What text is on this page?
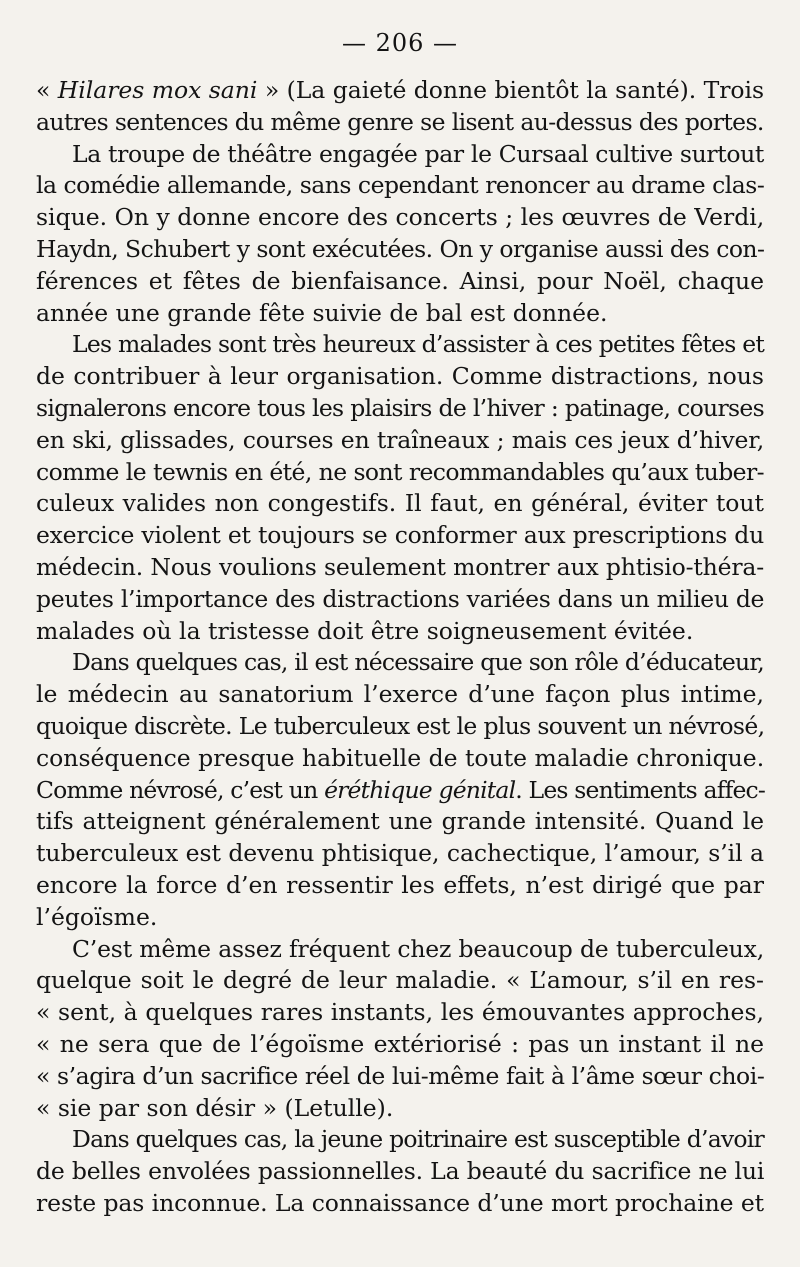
— 206 —
« Hilares mox sani » (La gaieté donne bientôt la santé). Trois
autres sentences du même genre se lisent au-dessus des portes.
La troupe de théâtre engagée par le Cursaal cultive surtout
la comédie allemande, sans cependant renoncer au drame clas-
sique. On y donne encore des concerts ; les œuvres de Verdi,
Haydn, Schubert y sont exécutées. On y organise aussi des con-
férences et fêtes de bienfaisance. Ainsi, pour Noël, chaque
année une grande fête suivie de bal est donnée.
Les malades sont très heureux d’assister à ces petites fêtes et
de contribuer à leur organisation. Comme distractions, nous
signalerons encore tous les plaisirs de l’hiver : patinage, courses
en ski, glissades, courses en traîneaux ; mais ces jeux d’hiver,
comme le tewnis en été, ne sont recommandables qu’aux tuber-
culeux valides non congestifs. Il faut, en général, éviter tout
exercice violent et toujours se conformer aux prescriptions du
médecin. Nous voulions seulement montrer aux phtisio-théra-
peutes l’importance des distractions variées dans un milieu de
malades où la tristesse doit être soigneusement évitée.
Dans quelques cas, il est nécessaire que son rôle d’éducateur,
le médecin au sanatorium l’exerce d’une façon plus intime,
quoique discrète. Le tuberculeux est le plus souvent un névrosé,
conséquence presque habituelle de toute maladie chronique.
Comme névrosé, c’est un éréthique génital. Les sentiments affec-
tifs atteignent généralement une grande intensité. Quand le
tuberculeux est devenu phtisique, cachectique, l’amour, s’il a
encore la force d’en ressentir les effets, n’est dirigé que par
l’égoïsme.
C’est même assez fréquent chez beaucoup de tuberculeux,
quelque soit le degré de leur maladie. « L’amour, s’il en res-
« sent, à quelques rares instants, les émouvantes approches,
« ne sera que de l’égoïsme extériorisé : pas un instant il ne
« s’agira d’un sacrifice réel de lui-même fait à l’âme sœur choi-
« sie par son désir » (Letulle).
Dans quelques cas, la jeune poitrinaire est susceptible d’avoir
de belles envolées passionnelles. La beauté du sacrifice ne lui
reste pas inconnue. La connaissance d’une mort prochaine et
